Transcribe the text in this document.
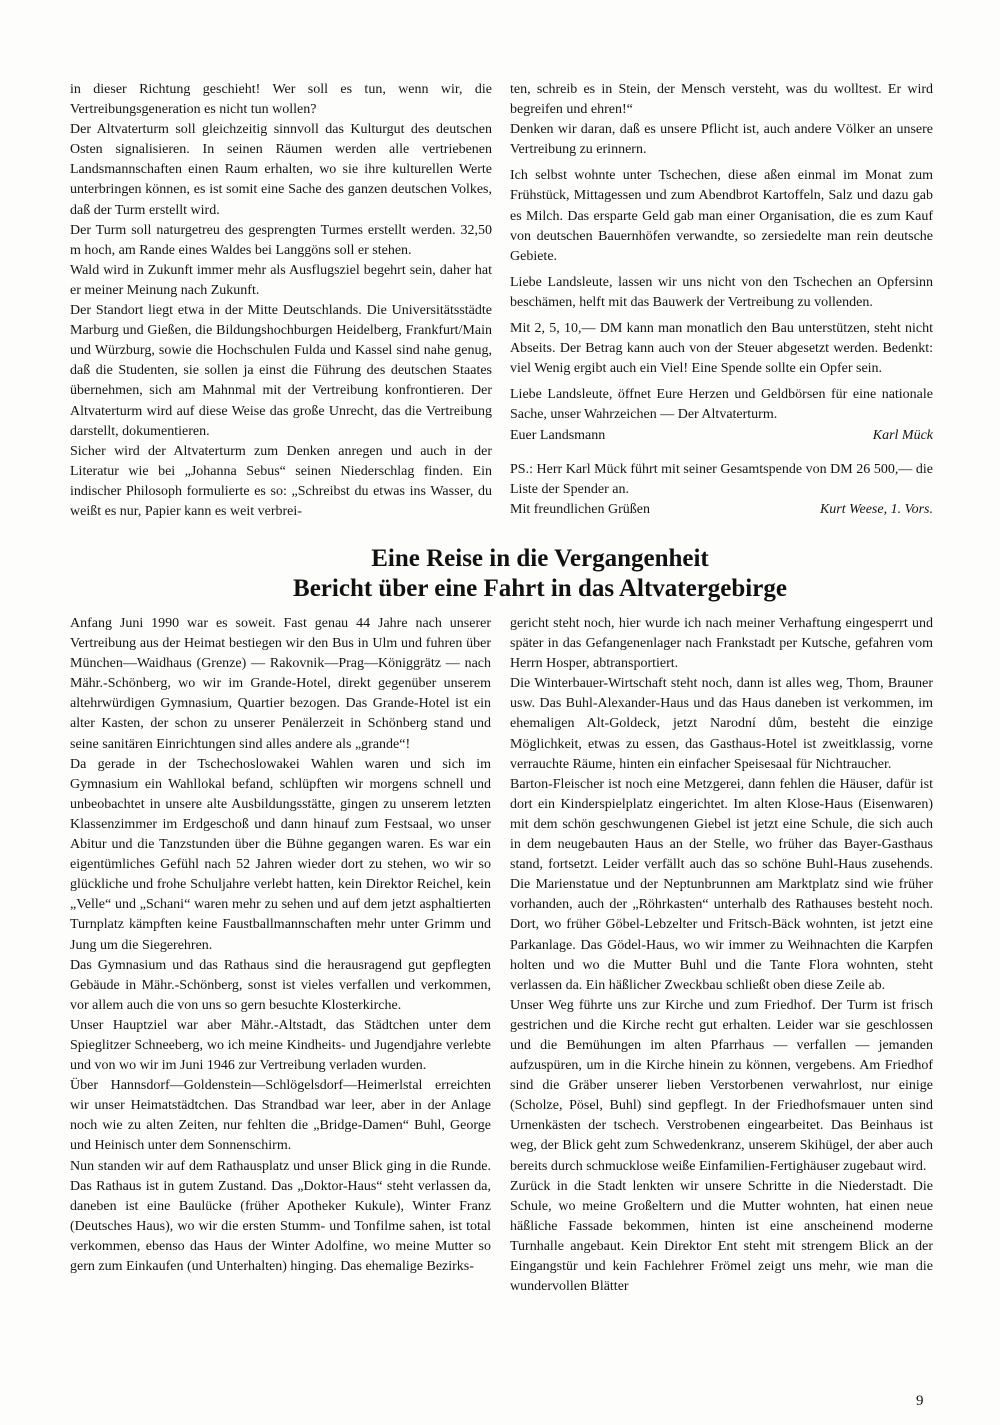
in dieser Richtung geschieht! Wer soll es tun, wenn wir, die Vertreibungsgeneration es nicht tun wollen?

Der Altvaterturm soll gleichzeitig sinnvoll das Kulturgut des deutschen Osten signalisieren. In seinen Räumen werden alle vertriebenen Landsmannschaften einen Raum erhalten, wo sie ihre kulturellen Werte unterbringen können, es ist somit eine Sache des ganzen deutschen Volkes, daß der Turm erstellt wird.

Der Turm soll naturgetreu des gesprengten Turmes erstellt werden. 32,50 m hoch, am Rande eines Waldes bei Langgöns soll er stehen.

Wald wird in Zukunft immer mehr als Ausflugsziel begehrt sein, daher hat er meiner Meinung nach Zukunft.

Der Standort liegt etwa in der Mitte Deutschlands. Die Universitätsstädte Marburg und Gießen, die Bildungshochburgen Heidelberg, Frankfurt/Main und Würzburg, sowie die Hochschulen Fulda und Kassel sind nahe genug, daß die Studenten, sie sollen ja einst die Führung des deutschen Staates übernehmen, sich am Mahnmal mit der Vertreibung konfrontieren. Der Altvaterturm wird auf diese Weise das große Unrecht, das die Vertreibung darstellt, dokumentieren.

Sicher wird der Altvaterturm zum Denken anregen und auch in der Literatur wie bei „Johanna Sebus“ seinen Niederschlag finden. Ein indischer Philosoph formulierte es so: „Schreibst du etwas ins Wasser, du weißt es nur, Papier kann es weit verbrei-

ten, schreib es in Stein, der Mensch versteht, was du wolltest. Er wird begreifen und ehren!“

Denken wir daran, daß es unsere Pflicht ist, auch andere Völker an unsere Vertreibung zu erinnern.

Ich selbst wohnte unter Tschechen, diese aßen einmal im Monat zum Frühstück, Mittagessen und zum Abendbrot Kartoffeln, Salz und dazu gab es Milch. Das ersparte Geld gab man einer Organisation, die es zum Kauf von deutschen Bauernhöfen verwandte, so zersiedelte man rein deutsche Gebiete.

Liebe Landsleute, lassen wir uns nicht von den Tschechen an Opfersinn beschämen, helft mit das Bauwerk der Vertreibung zu vollenden.

Mit 2, 5, 10,— DM kann man monatlich den Bau unterstützen, steht nicht Abseits. Der Betrag kann auch von der Steuer abgesetzt werden. Bedenkt: viel Wenig ergibt auch ein Viel! Eine Spende sollte ein Opfer sein.

Liebe Landsleute, öffnet Eure Herzen und Geldbörsen für eine nationale Sache, unser Wahrzeichen — Der Altvaterturm.

Euer Landsmann	Karl Mück

PS.: Herr Karl Mück führt mit seiner Gesamtspende von DM 26 500,— die Liste der Spender an.

Mit freundlichen Grüßen	Kurt Weese, 1. Vors.
Eine Reise in die Vergangenheit
Bericht über eine Fahrt in das Altvatergebirge

Anfang Juni 1990 war es soweit. Fast genau 44 Jahre nach unserer Vertreibung aus der Heimat bestiegen wir den Bus in Ulm und fuhren über München—Waidhaus (Grenze) — Rakovnik—Prag—Königgrätz — nach Mähr.-Schönberg, wo wir im Grande-Hotel, direkt gegenüber unserem altehrwürdigen Gymnasium, Quartier bezogen. Das Grande-Hotel ist ein alter Kasten, der schon zu unserer Penälerzeit in Schönberg stand und seine sanitären Einrichtungen sind alles andere als „grande“!

Da gerade in der Tschechoslowakei Wahlen waren und sich im Gymnasium ein Wahllokal befand, schlüpften wir morgens schnell und unbeobachtet in unsere alte Ausbildungsstätte, gingen zu unserem letzten Klassenzimmer im Erdgeschoß und dann hinauf zum Festsaal, wo unser Abitur und die Tanzstunden über die Bühne gegangen waren. Es war ein eigentümliches Gefühl nach 52 Jahren wieder dort zu stehen, wo wir so glückliche und frohe Schuljahre verlebt hatten, kein Direktor Reichel, kein „Velle“ und „Schani“ waren mehr zu sehen und auf dem jetzt asphaltierten Turnplatz kämpften keine Faustballmannschaften mehr unter Grimm und Jung um die Siegerehren.

Das Gymnasium und das Rathaus sind die herausragend gut gepflegten Gebäude in Mähr.-Schönberg, sonst ist vieles verfallen und verkommen, vor allem auch die von uns so gern besuchte Klosterkirche.

Unser Hauptziel war aber Mähr.-Altstadt, das Städtchen unter dem Spieglitzer Schneeberg, wo ich meine Kindheits- und Jugendjahre verlebte und von wo wir im Juni 1946 zur Vertreibung verladen wurden.

Über Hannsdorf—Goldenstein—Schlögelsdorf—Heimerlstal erreichten wir unser Heimatstädtchen. Das Strandbad war leer, aber in der Anlage noch wie zu alten Zeiten, nur fehlten die „Bridge-Damen“ Buhl, George und Heinisch unter dem Sonnenschirm.

Nun standen wir auf dem Rathausplatz und unser Blick ging in die Runde. Das Rathaus ist in gutem Zustand. Das „Doktor-Haus“ steht verlassen da, daneben ist eine Baulücke (früher Apotheker Kukule), Winter Franz (Deutsches Haus), wo wir die ersten Stumm- und Tonfilme sahen, ist total verkommen, ebenso das Haus der Winter Adolfine, wo meine Mutter so gern zum Einkaufen (und Unterhalten) hinging. Das ehemalige Bezirks-

gericht steht noch, hier wurde ich nach meiner Verhaftung eingesperrt und später in das Gefangenenlager nach Frankstadt per Kutsche, gefahren vom Herrn Hosper, abtransportiert.

Die Winterbauer-Wirtschaft steht noch, dann ist alles weg, Thom, Brauner usw. Das Buhl-Alexander-Haus und das Haus daneben ist verkommen, im ehemaligen Alt-Goldeck, jetzt Narodní dům, besteht die einzige Möglichkeit, etwas zu essen, das Gasthaus-Hotel ist zweitklassig, vorne verrauchte Räume, hinten ein einfacher Speisesaal für Nichtraucher.

Barton-Fleischer ist noch eine Metzgerei, dann fehlen die Häuser, dafür ist dort ein Kinderspielplatz eingerichtet. Im alten Klose-Haus (Eisenwaren) mit dem schön geschwungenen Giebel ist jetzt eine Schule, die sich auch in dem neugebauten Haus an der Stelle, wo früher das Bayer-Gasthaus stand, fortsetzt. Leider verfällt auch das so schöne Buhl-Haus zusehends. Die Marienstatue und der Neptunbrunnen am Marktplatz sind wie früher vorhanden, auch der „Röhrkasten“ unterhalb des Rathauses besteht noch. Dort, wo früher Göbel-Lebzelter und Fritsch-Bäck wohnten, ist jetzt eine Parkanlage. Das Gödel-Haus, wo wir immer zu Weihnachten die Karpfen holten und wo die Mutter Buhl und die Tante Flora wohnten, steht verlassen da. Ein häßlicher Zweckbau schließt oben diese Zeile ab.

Unser Weg führte uns zur Kirche und zum Friedhof. Der Turm ist frisch gestrichen und die Kirche recht gut erhalten. Leider war sie geschlossen und die Bemühungen im alten Pfarrhaus — verfallen — jemanden aufzuspüren, um in die Kirche hinein zu können, vergebens. Am Friedhof sind die Gräber unserer lieben Verstorbenen verwahrlost, nur einige (Scholze, Pösel, Buhl) sind gepflegt. In der Friedhofsmauer unten sind Urnenkästen der tschech. Verstrobenen eingearbeitet. Das Beinhaus ist weg, der Blick geht zum Schwedenkranz, unserem Skihügel, der aber auch bereits durch schmucklose weiße Einfamilien-Fertighäuser zugebaut wird.

Zurück in die Stadt lenkten wir unsere Schritte in die Niederstadt. Die Schule, wo meine Großeltern und die Mutter wohnten, hat einen neue häßliche Fassade bekommen, hinten ist eine anscheinend moderne Turnhalle angebaut. Kein Direktor Ent steht mit strengem Blick an der Eingangstür und kein Fachlehrer Frömel zeigt uns mehr, wie man die wundervollen Blätter

9
